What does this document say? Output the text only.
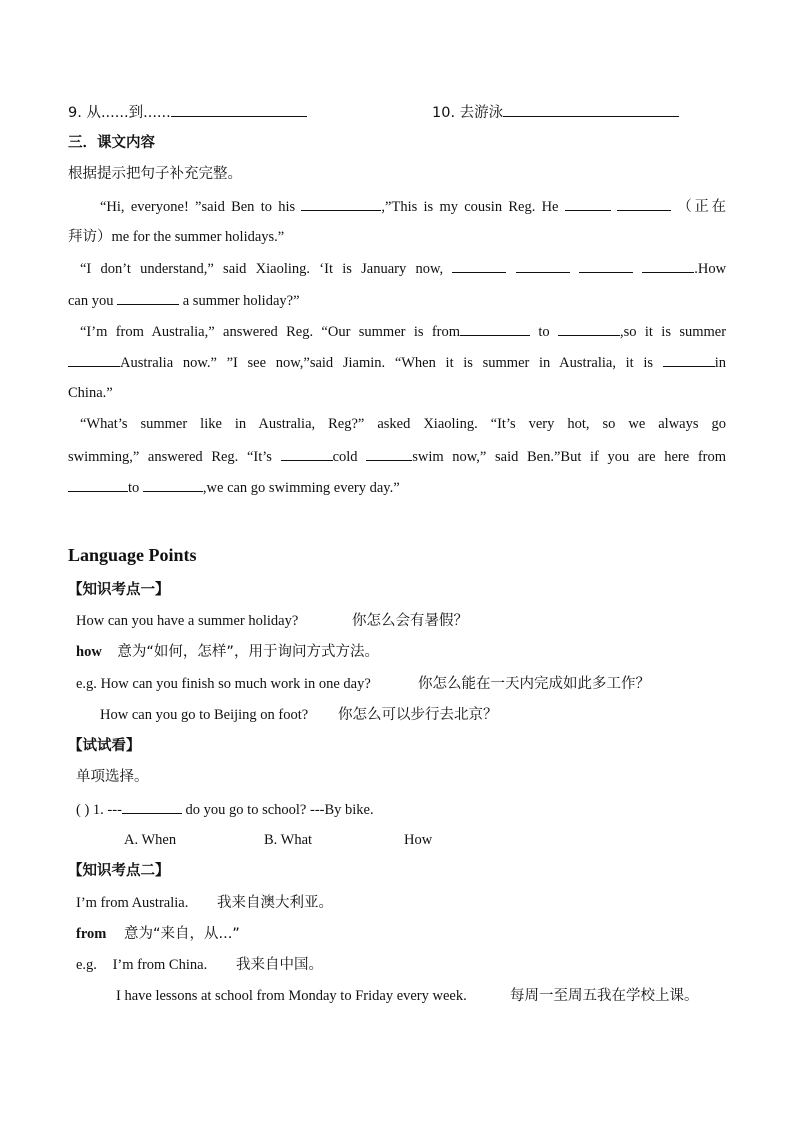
9. 从......到......	10. 去游泳
三．课文内容
根据提示把句子补充完整。
“Hi, everyone! ”said Ben to his	,”This is my cousin Reg. He	（正在
拜访）me for the summer holidays.”
“I don’t understand,” said Xiaoling. ‘It is January now,	.How
can you	a summer holiday?”
“I’m from Australia,” answered Reg. “Our summer is from	to	,so it is summer
Australia now.” ”I see now,”said Jiamin. “When it is summer in Australia, it is	in
China.”
“What’s summer like in Australia, Reg?” asked Xiaoling. “It’s very hot, so we always go
swimming,” answered Reg. “It’s	cold	swim now,” said Ben.”But if you are here from
to	,we can go swimming every day.”
Language Points
【知识考点一】
How can you have a summer holiday?	你怎么会有暑假？
how 意为“如何，怎样”，用于询问方式方法。
e.g. How can you finish so much work in one day?	你怎么能在一天内完成如此多工作？
How can you go to Beijing on foot? 你怎么可以步行去北京？
【试试看】
单项选择。
( ) 1. ---	do you go to school? ---By bike.
A. When	B. What	How
【知识考点二】
I’m from Australia. 我来自澳大利亚。
from 意为“来自，从...”
e.g. I’m from China. 我来自中国。
I have lessons at school from Monday to Friday every week.	每周一至周五我在学校上课。
